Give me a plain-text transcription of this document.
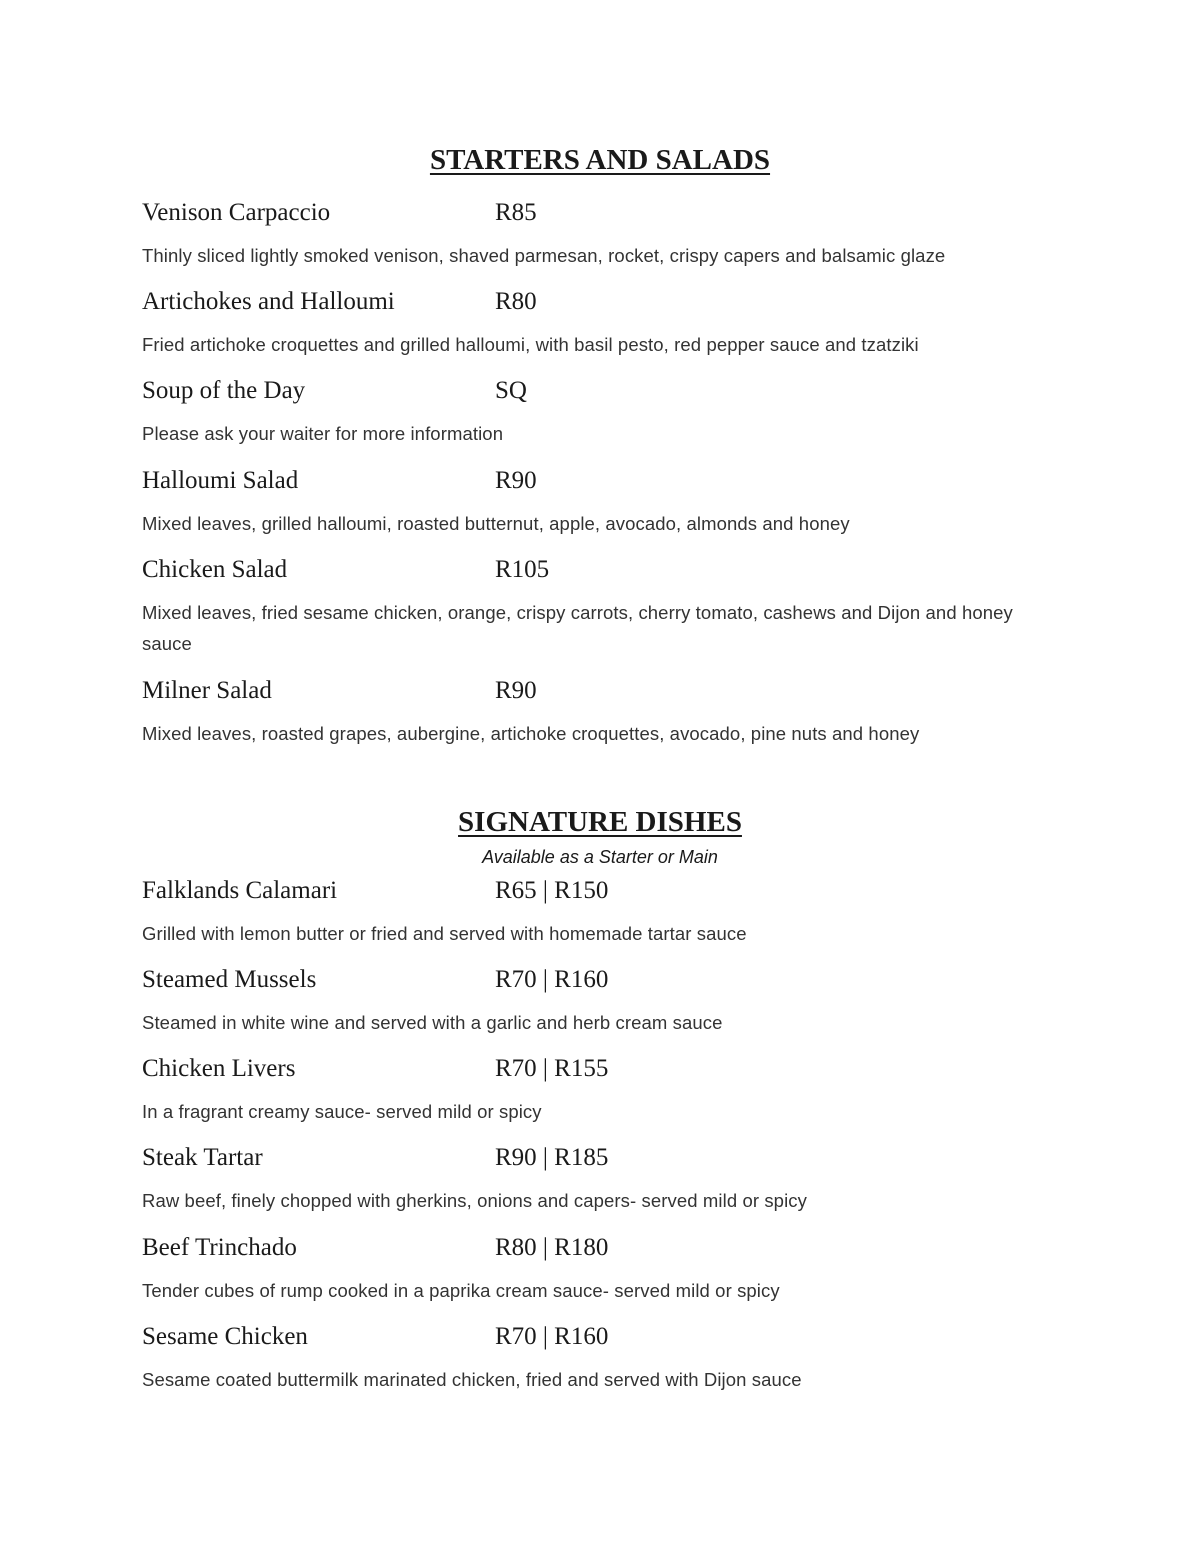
STARTERS AND SALADS
Venison Carpaccio	R85
Thinly sliced lightly smoked venison, shaved parmesan, rocket, crispy capers and balsamic glaze
Artichokes and Halloumi	R80
Fried artichoke croquettes and grilled halloumi, with basil pesto, red pepper sauce and tzatziki
Soup of the Day	SQ
Please ask your waiter for more information
Halloumi Salad	R90
Mixed leaves, grilled halloumi, roasted butternut, apple, avocado, almonds and honey
Chicken Salad	R105
Mixed leaves, fried sesame chicken, orange, crispy carrots, cherry tomato, cashews and Dijon and honey sauce
Milner Salad	R90
Mixed leaves, roasted grapes, aubergine, artichoke croquettes, avocado, pine nuts and honey
SIGNATURE DISHES
Available as a Starter or Main
Falklands Calamari	R65 | R150
Grilled with lemon butter or fried and served with homemade tartar sauce
Steamed Mussels	R70 | R160
Steamed in white wine and served with a garlic and herb cream sauce
Chicken Livers	R70 | R155
In a fragrant creamy sauce- served mild or spicy
Steak Tartar	R90 | R185
Raw beef, finely chopped with gherkins, onions and capers- served mild or spicy
Beef Trinchado	R80 | R180
Tender cubes of rump cooked in a paprika cream sauce- served mild or spicy
Sesame Chicken	R70 | R160
Sesame coated buttermilk marinated chicken, fried and served with Dijon sauce
